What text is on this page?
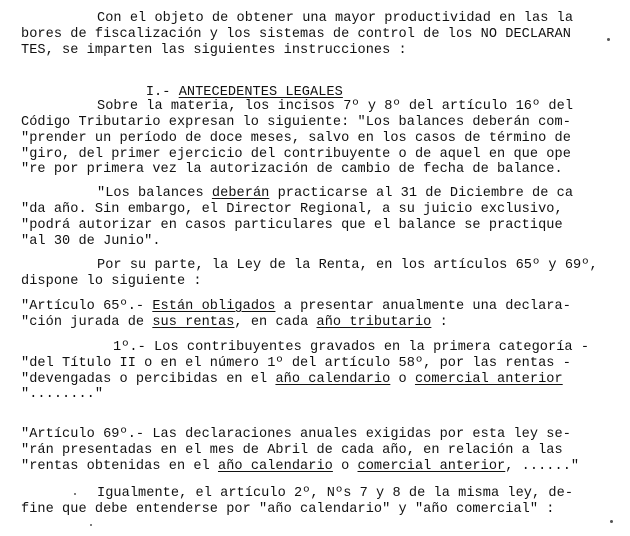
Con el objeto de obtener una mayor productividad en las la
bores de fiscalización y los sistemas de control de los NO DECLARAN
TES, se imparten las siguientes instrucciones :

I.- ANTECEDENTES LEGALES

Sobre la materia, los incisos 7º y 8º del artículo 16º del
Código Tributario expresan lo siguiente: "Los balances deberán com-
"prender un período de doce meses, salvo en los casos de término de
"giro, del primer ejercicio del contribuyente o de aquel en que ope
"re por primera vez la autorización de cambio de fecha de balance.
"Los balances deberán practicarse al 31 de Diciembre de ca
"da año. Sin embargo, el Director Regional, a su juicio exclusivo,
"podrá autorizar en casos particulares que el balance se practique
"al 30 de Junio".
Por su parte, la Ley de la Renta, en los artículos 65º y 69º,
dispone lo siguiente :
"Artículo 65º.- Están obligados a presentar anualmente una declara-
"ción jurada de sus rentas, en cada año tributario :
1º.- Los contribuyentes gravados en la primera categoría -
"del Título II o en el número 1º del artículo 58º, por las rentas -
"devengadas o percibidas en el año calendario o comercial anterior
"........"
"Artículo 69º.- Las declaraciones anuales exigidas por esta ley se-
"rán presentadas en el mes de Abril de cada año, en relación a las
"rentas obtenidas en el año calendario o comercial anterior, ......"
Igualmente, el artículo 2º, Nºs 7 y 8 de la misma ley, de-
fine que debe entenderse por "año calendario" y "año comercial" :
